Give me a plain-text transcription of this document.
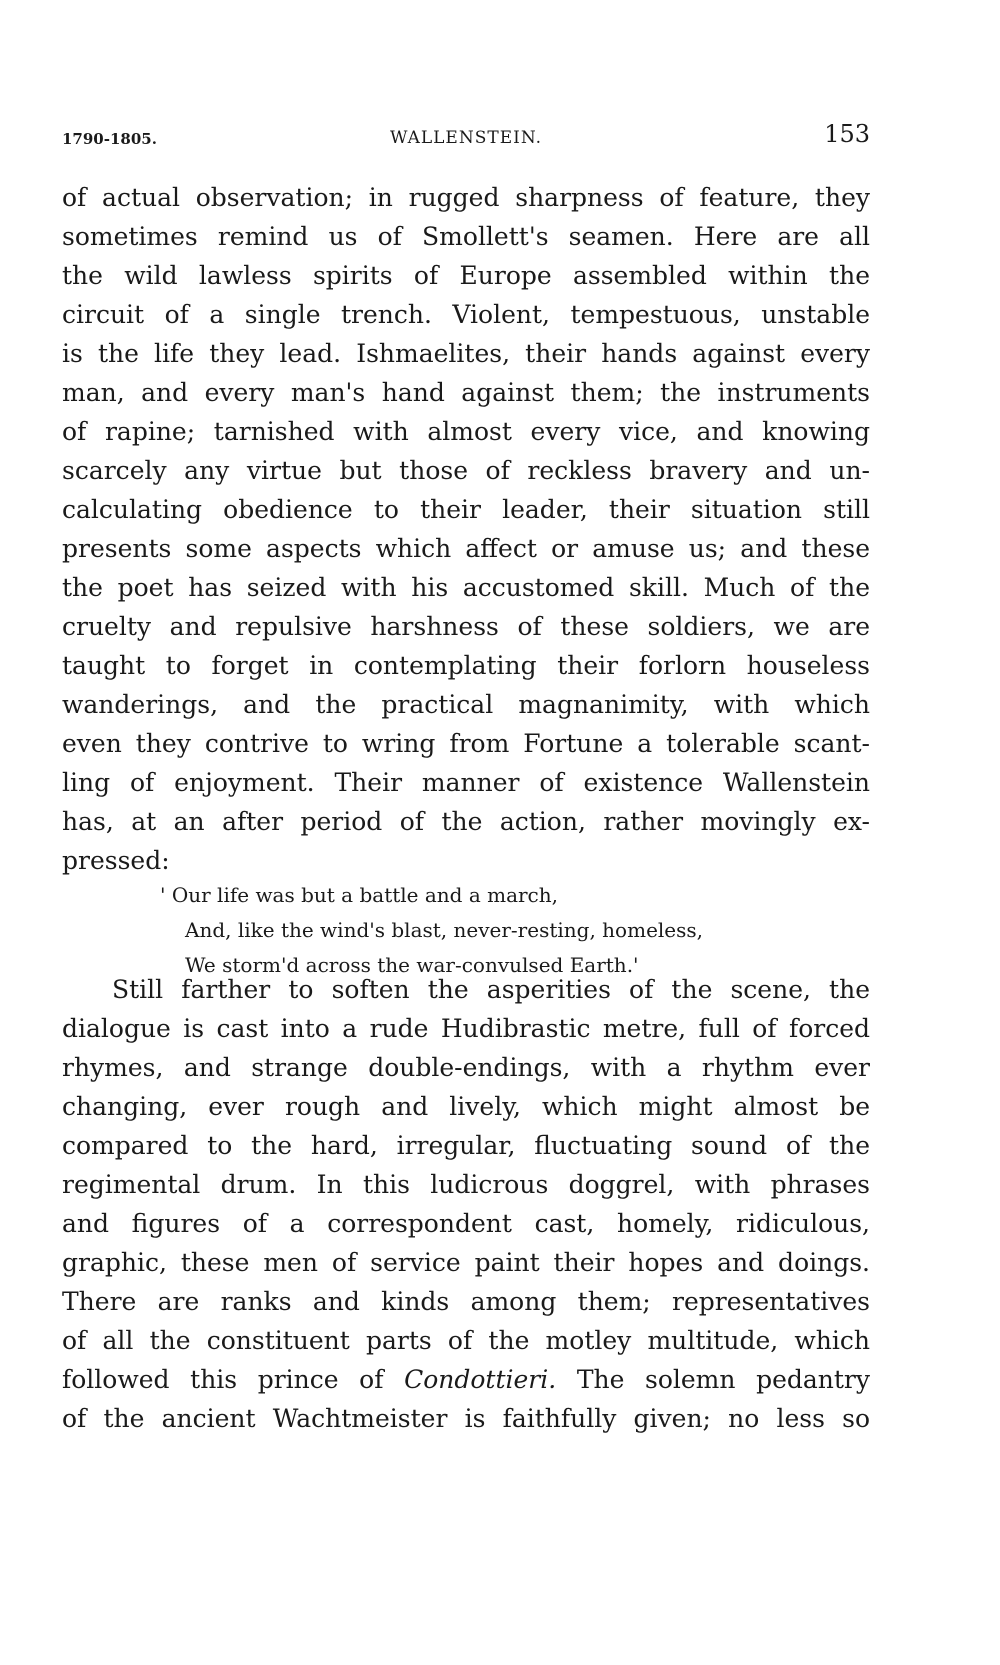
1790-1805.	WALLENSTEIN.	153
of actual observation; in rugged sharpness of feature, they
sometimes remind us of Smollett's seamen. Here are all
the wild lawless spirits of Europe assembled within the
circuit of a single trench. Violent, tempestuous, unstable
is the life they lead. Ishmaelites, their hands against every
man, and every man's hand against them; the instruments
of rapine; tarnished with almost every vice, and knowing
scarcely any virtue but those of reckless bravery and un-
calculating obedience to their leader, their situation still
presents some aspects which affect or amuse us; and these
the poet has seized with his accustomed skill. Much of the
cruelty and repulsive harshness of these soldiers, we are
taught to forget in contemplating their forlorn houseless
wanderings, and the practical magnanimity, with which
even they contrive to wring from Fortune a tolerable scant-
ling of enjoyment. Their manner of existence Wallenstein
has, at an after period of the action, rather movingly ex-
pressed:
' Our life was but a battle and a march,
And, like the wind's blast, never-resting, homeless,
We storm'd across the war-convulsed Earth.'
Still farther to soften the asperities of the scene, the
dialogue is cast into a rude Hudibrastic metre, full of forced
rhymes, and strange double-endings, with a rhythm ever
changing, ever rough and lively, which might almost be
compared to the hard, irregular, fluctuating sound of the
regimental drum. In this ludicrous doggrel, with phrases
and figures of a correspondent cast, homely, ridiculous,
graphic, these men of service paint their hopes and doings.
There are ranks and kinds among them; representatives
of all the constituent parts of the motley multitude, which
followed this prince of Condottieri. The solemn pedantry
of the ancient Wachtmeister is faithfully given; no less so
